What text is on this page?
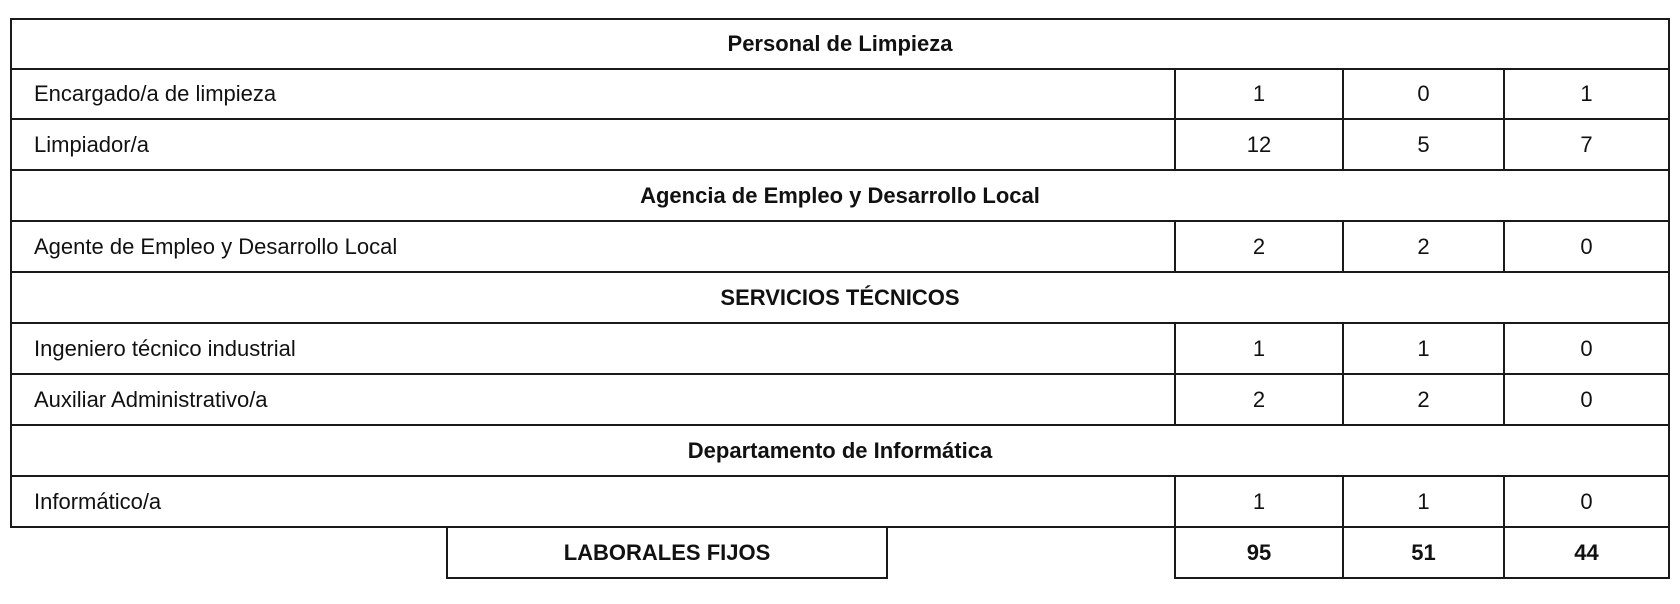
Personal de Limpieza
Encargado/a de limpieza	1	0	1
Limpiador/a	12	5	7
Agencia de Empleo y Desarrollo Local
Agente de Empleo y Desarrollo Local	2	2	0
SERVICIOS TÉCNICOS
Ingeniero técnico industrial	1	1	0
Auxiliar Administrativo/a	2	2	0
Departamento de Informática
Informático/a	1	1	0
LABORALES FIJOS	95	51	44
